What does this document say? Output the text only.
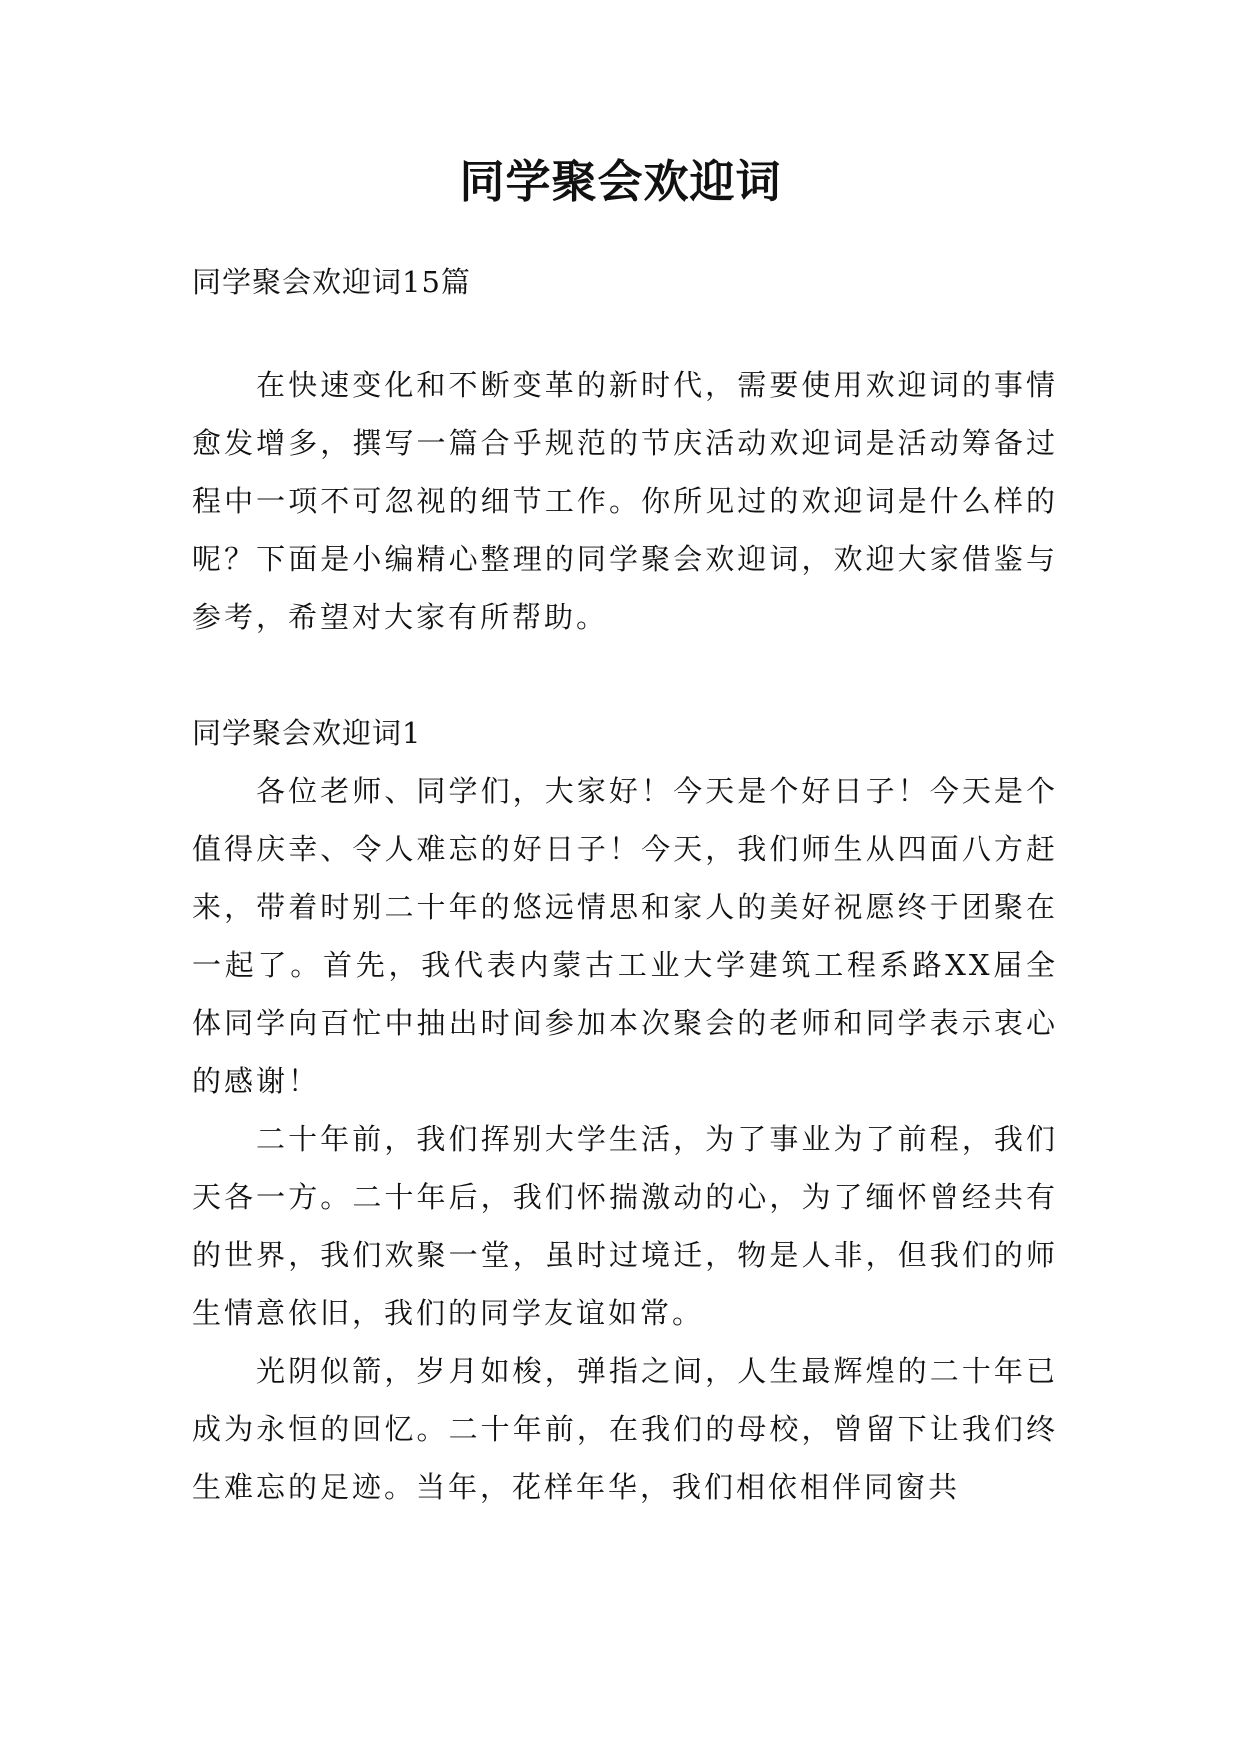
同学聚会欢迎词

同学聚会欢迎词15篇

在快速变化和不断变革的新时代，需要使用欢迎词的事情愈发增多，撰写一篇合乎规范的节庆活动欢迎词是活动筹备过程中一项不可忽视的细节工作。你所见过的欢迎词是什么样的呢？下面是小编精心整理的同学聚会欢迎词，欢迎大家借鉴与参考，希望对大家有所帮助。

同学聚会欢迎词1

各位老师、同学们，大家好！今天是个好日子！今天是个值得庆幸、令人难忘的好日子！今天，我们师生从四面八方赶来，带着时别二十年的悠远情思和家人的美好祝愿终于团聚在一起了。首先，我代表内蒙古工业大学建筑工程系路XX届全体同学向百忙中抽出时间参加本次聚会的老师和同学表示衷心的感谢！

二十年前，我们挥别大学生活，为了事业为了前程，我们天各一方。二十年后，我们怀揣激动的心，为了缅怀曾经共有的世界，我们欢聚一堂，虽时过境迁，物是人非，但我们的师生情意依旧，我们的同学友谊如常。

光阴似箭，岁月如梭，弹指之间，人生最辉煌的二十年已成为永恒的回忆。二十年前，在我们的母校，曾留下让我们终生难忘的足迹。当年，花样年华，我们相依相伴同窗共
